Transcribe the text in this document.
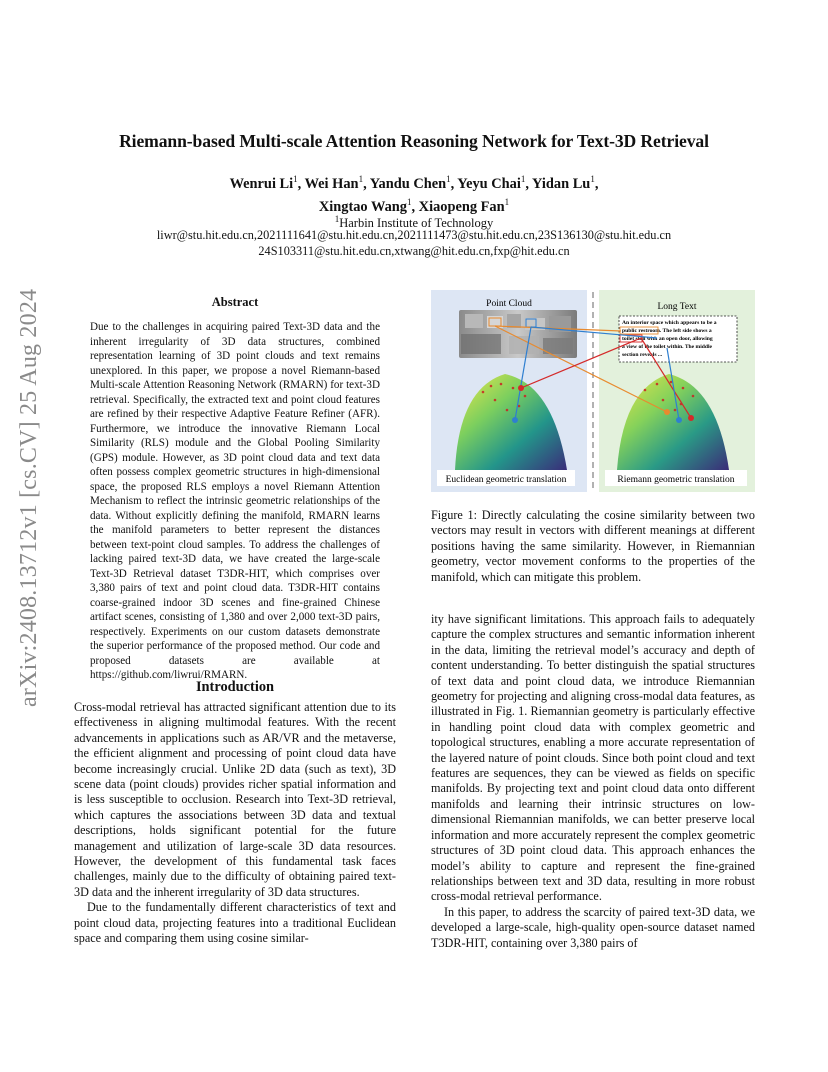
Riemann-based Multi-scale Attention Reasoning Network for Text-3D Retrieval
Wenrui Li$^1$, Wei Han$^1$, Yandu Chen$^1$, Yeyu Chai$^1$, Yidan Lu$^1$,
Xingtao Wang$^1$, Xiaopeng Fan$^1$
$^1$Harbin Institute of Technology
liwr@stu.hit.edu.cn,2021111641@stu.hit.edu.cn,2021111473@stu.hit.edu.cn,23S136130@stu.hit.edu.cn
24S103311@stu.hit.edu.cn,xtwang@hit.edu.cn,fxp@hit.edu.cn
arXiv:2408.13712v1 [cs.CV] 25 Aug 2024	Abstract
Due to the challenges in acquiring paired Text-3D data and the inherent irregularity of 3D data structures, combined representation learning of 3D point clouds and text remains unexplored. In this paper, we propose a novel Riemann-based Multi-scale Attention Reasoning Network (RMARN) for text-3D retrieval. Specifically, the extracted text and point cloud features are refined by their respective Adaptive Feature Refiner (AFR). Furthermore, we introduce the innovative Riemann Local Similarity (RLS) module and the Global Pooling Similarity (GPS) module. However, as 3D point cloud data and text data often possess complex geometric structures in high-dimensional space, the proposed RLS employs a novel Riemann Attention Mechanism to reflect the intrinsic geometric relationships of the data. Without explicitly defining the manifold, RMARN learns the manifold parameters to better represent the distances between text-point cloud samples. To address the challenges of lacking paired text-3D data, we have created the large-scale Text-3D Retrieval dataset T3DR-HIT, which comprises over 3,380 pairs of text and point cloud data. T3DR-HIT contains coarse-grained indoor 3D scenes and fine-grained Chinese artifact scenes, consisting of 1,380 and over 2,000 text-3D pairs, respectively. Experiments on our custom datasets demonstrate the superior performance of the proposed method. Our code and proposed datasets are available at https://github.com/liwrui/RMARN.
Introduction

Cross-modal retrieval has attracted significant attention due to its effectiveness in aligning multimodal features. With the recent advancements in applications such as AR/VR and the metaverse, the efficient alignment and processing of point cloud data have become increasingly crucial. Unlike 2D data (such as text), 3D scene data (point clouds) provides richer spatial information and is less susceptible to occlusion. Research into Text-3D retrieval, which captures the associations between 3D data and textual descriptions, holds significant potential for the future management and utilization of large-scale 3D data resources. However, the development of this fundamental task faces challenges, mainly due to the difficulty of obtaining paired text-3D data and the inherent irregularity of 3D data structures.

Due to the fundamentally different characteristics of text and point cloud data, projecting features into a traditional Euclidean space and comparing them using cosine similar-

Point Cloud	Long Text
An interior space which appears to be a
public restroom. The left side shows a
toilet stall with an open door, allowing
a view of the toilet within. The middle
section reveals ...
Euclidean geometric translation	Riemann geometric translation
Figure 1: Directly calculating the cosine similarity between two vectors may result in vectors with different meanings at different positions having the same similarity. However, in Riemannian geometry, vector movement conforms to the properties of the manifold, which can mitigate this problem.

ity have significant limitations. This approach fails to adequately capture the complex structures and semantic information inherent in the data, limiting the retrieval model’s accuracy and depth of content understanding. To better distinguish the spatial structures of text data and point cloud data, we introduce Riemannian geometry for projecting and aligning cross-modal data features, as illustrated in Fig. 1. Riemannian geometry is particularly effective in handling point cloud data with complex geometric and topological structures, enabling a more accurate representation of the layered nature of point clouds. Since both point cloud and text features are sequences, they can be viewed as fields on specific manifolds. By projecting text and point cloud data onto different manifolds and learning their intrinsic structures on low-dimensional Riemannian manifolds, we can better preserve local information and more accurately represent the complex geometric structures of 3D point cloud data. This approach enhances the model’s ability to capture and represent the fine-grained relationships between text and 3D data, resulting in more robust cross-modal retrieval performance.

In this paper, to address the scarcity of paired text-3D data, we developed a large-scale, high-quality open-source dataset named T3DR-HIT, containing over 3,380 pairs of
